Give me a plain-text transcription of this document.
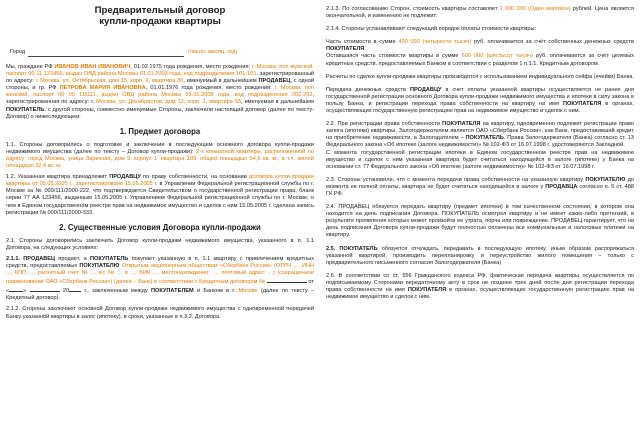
Предварительный договор
купли-продажи квартиры
Город	(число, месяц, год)

Мы, граждане РФ ИВАНОВ ИВАН ИВАНОВИЧ, 01.02.1975 года рождения, место рождения: г. Москва, пол мужской, паспорт 00 11 123456, выдан ОВД района Москвы 01.01.2003 года, код подразделения 101-101, зарегистрированный по адресу: г. Москва, ул. Октябрьская, дом 15, корп. 2, квартира 36, именуемый в дальнейшем ПРОДАВЕЦ, с одной стороны, и гр. РФ ПЕТРОВА МАРИЯ ИВАНОВНА, 01.01.1976 года рождения, место рождения: г. Москва, пол женский, паспорт 00 00 111111, выдан ОВД района Москвы 01.01.2008 года, код подразделения 202-202, зарегистрированная по адресу: г. Москва, ул. Декабристов, дом 12, корп. 1, квартира 55, именуемая в дальнейшем ПОКУПАТЕЛЬ, с другой стороны, совместно именуемые Стороны, заключили настоящий договор (далее по тексту-Договор) о нижеследующем:

1. Предмет договора

1.1. Стороны договорились о подготовке и заключении в последующем основного договора купли-продажи недвижимого имущества (далее по тексту – Договор купли-продажи): 2-х комнатной квартиры, расположенной по адресу: город Москва, улица Заречная, дом 9, корпус 1, квартира 109, общей площадью 54,6 кв. м., в т.ч. жилой площадью 32,4 кв. м.

1.2. Указанная квартира принадлежит ПРОДАВЦУ по праву собственности, на основании договора купли-продажи квартиры от 05.05.2005 г., зарегистрировано 15.05.2005 г. в Управлении Федеральной регистрационной службы по г. Москве за № 000/111/2000-222, что подтверждается Свидетельством о государственной регистрации права, бланк серии 77 АА 123456, выданным 15.05.2005 г. Управлением Федеральной регистрационной службы по г. Москве, о чем в Едином государственном реестре прав на недвижимое имущество и сделок с ним 15.05.2005 г. сделана запись регистрации № 000/111/2000-333.

2. Существенные условия Договора купли-продажи

2.1. Стороны договорились заключить Договор купли-продажи недвижимого имущества, указанного в п. 1.1 Договора, на следующих условиях:

2.1.1. ПРОДАВЕЦ продает, а ПОКУПАТЕЛЬ покупает указанную в п. 1.1 квартиру с привлечением кредитных средств, предоставляемых ПОКУПАТЕЛЮ Открытым акционерным обществом «Сбербанк России» (ОГРН ..., ИНН ..., КПП ..., расчетный счет № ... к/с № ... в ..., БИК ..., местонахождение: ..., почтовый адрес: ...) (сокращенное наименование ОАО «Сбербанк России») (далее – Банк) в соответствии с Кредитным договором №	от «	»	20	г., заключенным между ПОКУПАТЕЛЕМ и Банком в г. Москве (далее по тексту – Кредитный договор).

2.1.2. Стороны заключают основной Договор купли-продажи недвижимого имущества с одновременной передачей Банку указанной квартиры в залог (ипотеку), в сроки, указанные в п.3.2. Договора.

2.1.3. По согласованию Сторон, стоимость квартиры составляет 1 000 000 (Один миллион) рублей. Цена является окончательной, и изменению не подлежит.

2.1.4. Стороны устанавливают следующий порядок оплаты стоимости квартиры:

Часть стоимости в сумме 400 000 (четыреста тысяч) руб. оплачивается за счёт собственных денежных средств ПОКУПАТЕЛЯ.
Оставшаяся часть стоимости квартиры в сумме 600 000 (шестьсот тысяч) руб. оплачивается за счёт целевых кредитных средств, предоставляемых Банком в соответствии с разделом 1 п.1.1. Кредитным договором.

Расчеты по сделке купли-продажи квартиры производятся с использованием индивидуального сейфа (ячейки) Банка.

Передача денежных средств ПРОДАВЦУ в счет оплаты указанной квартиры осуществляется не ранее дня государственной регистрации основного Договора купли-продажи недвижимого имущества и ипотеки в силу закона в пользу Банка, и регистрации перехода права собственности на квартиру на имя ПОКУПАТЕЛЯ в органах, осуществляющих государственную регистрацию прав на недвижимое имущество и сделок с ним.

2.2. При регистрации права собственности ПОКУПАТЕЛЯ на квартиру, одновременно подлежит регистрации право залога (ипотеки) квартиры. Залогодержателем является ОАО «Сбербанк России», как Банк, предоставивший кредит на приобретение недвижимости, а Залогодателем – ПОКУПАТЕЛЬ. Права Залогодержателя (Банка) согласно ст. 13 Федерального закона «Об ипотеке (залоге недвижимости)» № 102-ФЗ от 16.07.1998 г. удостоверяются Закладной.
С момента государственной регистрации ипотеки в Едином государственном реестре прав на недвижимое имущество и сделок с ним указанная квартира будет считаться находящейся в залоге (ипотеке) у Банка на основании ст. 77 Федерального закона «Об ипотеке (залоге недвижимости)» № 102-ФЗ от 16.07.1998 г.

2.3. Стороны установили, что с момента передачи права собственности на указанную квартиру ПОКУПАТЕЛЮ до момента ее полной оплаты, квартира не будет считаться находящейся в залоге у ПРОДАВЦА согласно п. 5 ст. 488 ГК РФ.

2.4. ПРОДАВЕЦ обязуется передать квартиру (предмет ипотеки) в том качественном состоянии, в котором она находится на день подписания Договора. ПОКУПАТЕЛЬ осмотрел квартиру и не имеет каких-либо претензий, в результате проявления которых может произойти ее утрата, порча или повреждение. ПРОДАВЕЦ гарантирует, что на день подписания Договора купли-продажи будут полностью оплачены все коммунальные и налоговые платежи на квартиру.

2.5. ПОКУПАТЕЛЬ обязуется отчуждать, передавать в последующую ипотеку, иным образом распоряжаться указанной квартирой, производить перепланировку и переустройство жилого помещения – только с предварительного письменного согласия Залогодержателя (Банка)

2.6. В соответствии со ст. 556 Гражданского кодекса РФ, фактическая передача квартиры осуществляется по подписываемому Сторонами передаточному акту в срок не позднее трех дней после дня регистрации перехода права собственности на имя ПОКУПАТЕЛЯ в органах, осуществляющих государственную регистрацию прав на недвижимое имущество и сделок с ним.
